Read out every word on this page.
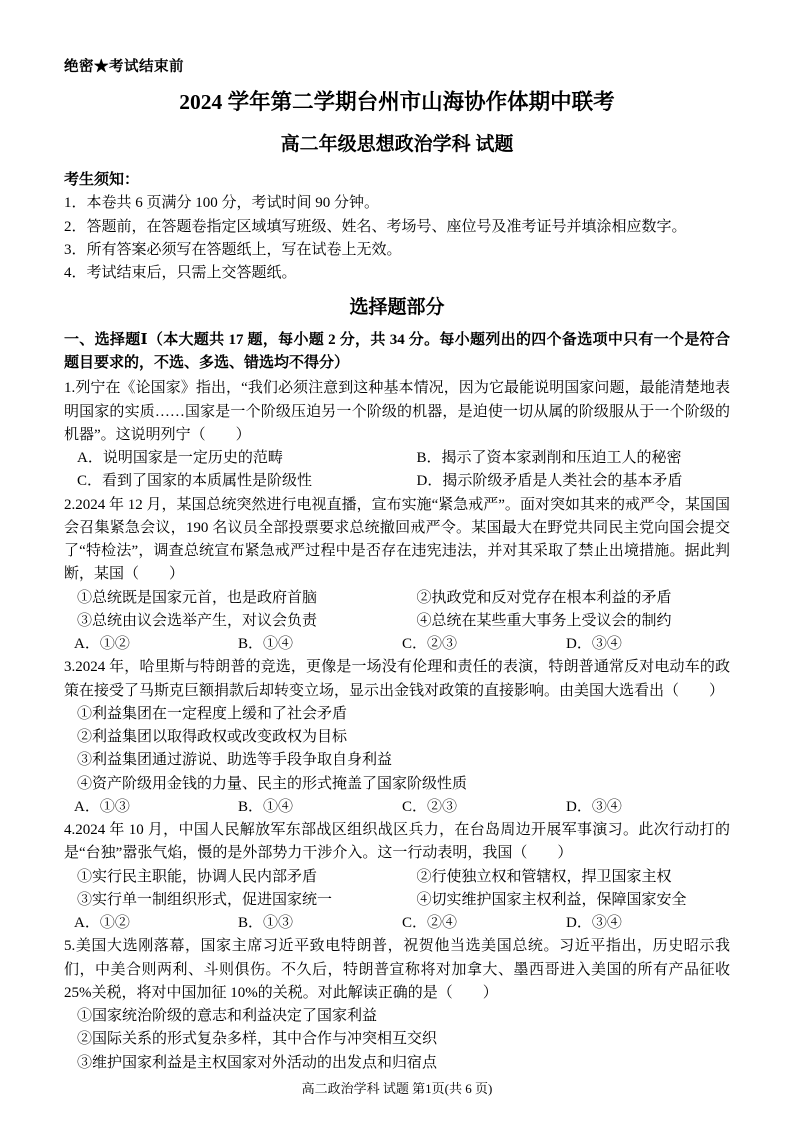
绝密★考试结束前
2024 学年第二学期台州市山海协作体期中联考
高二年级思想政治学科 试题
考生须知：
1．本卷共 6 页满分 100 分，考试时间 90 分钟。
2．答题前，在答题卷指定区域填写班级、姓名、考场号、座位号及准考证号并填涂相应数字。
3．所有答案必须写在答题纸上，写在试卷上无效。
4．考试结束后，只需上交答题纸。
选择题部分
一、选择题Ⅰ（本大题共 17 题，每小题 2 分，共 34 分。每小题列出的四个备选项中只有一个是符合题目要求的，不选、多选、错选均不得分）
1.列宁在《论国家》指出，“我们必须注意到这种基本情况，因为它最能说明国家问题，最能清楚地表明国家的实质……国家是一个阶级压迫另一个阶级的机器，是迫使一切从属的阶级服从于一个阶级的机器”。这说明列宁（　　）
A．说明国家是一定历史的范畴	B．揭示了资本家剥削和压迫工人的秘密
C．看到了国家的本质属性是阶级性	D．揭示阶级矛盾是人类社会的基本矛盾
2.2024 年 12 月，某国总统突然进行电视直播，宣布实施“紧急戒严”。面对突如其来的戒严令，某国国会召集紧急会议，190 名议员全部投票要求总统撤回戒严令。某国最大在野党共同民主党向国会提交了“特检法”，调查总统宣布紧急戒严过程中是否存在违宪违法，并对其采取了禁止出境措施。据此判断，某国（　　）
①总统既是国家元首，也是政府首脑	②执政党和反对党存在根本利益的矛盾
③总统由议会选举产生，对议会负责	④总统在某些重大事务上受议会的制约
A．①②	B．①④	C．②③	D．③④
3.2024 年，哈里斯与特朗普的竞选，更像是一场没有伦理和责任的表演，特朗普通常反对电动车的政策在接受了马斯克巨额捐款后却转变立场，显示出金钱对政策的直接影响。由美国大选看出（　　）
①利益集团在一定程度上缓和了社会矛盾
②利益集团以取得政权或改变政权为目标
③利益集团通过游说、助选等手段争取自身利益
④资产阶级用金钱的力量、民主的形式掩盖了国家阶级性质
A．①③	B．①④	C．②③	D．③④
4.2024 年 10 月，中国人民解放军东部战区组织战区兵力，在台岛周边开展军事演习。此次行动打的是“台独”嚣张气焰，慑的是外部势力干涉介入。这一行动表明，我国（　　）
①实行民主职能，协调人民内部矛盾	②行使独立权和管辖权，捍卫国家主权
③实行单一制组织形式，促进国家统一	④切实维护国家主权利益，保障国家安全
A．①②	B．①③	C．②④	D．③④
5.美国大选刚落幕，国家主席习近平致电特朗普，祝贺他当选美国总统。习近平指出，历史昭示我们，中美合则两利、斗则俱伤。不久后，特朗普宣称将对加拿大、墨西哥进入美国的所有产品征收 25%关税，将对中国加征 10%的关税。对此解读正确的是（　　）
①国家统治阶级的意志和利益决定了国家利益
②国际关系的形式复杂多样，其中合作与冲突相互交织
③维护国家利益是主权国家对外活动的出发点和归宿点
高二政治学科 试题 第1页(共 6 页)
